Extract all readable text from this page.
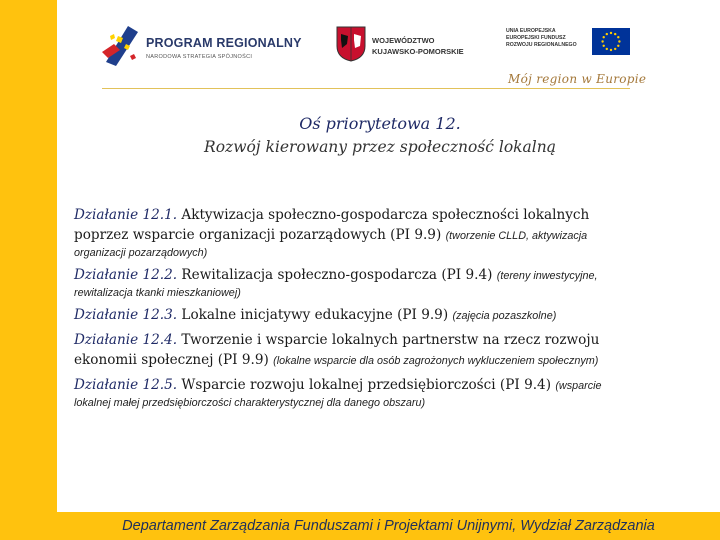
PROGRAM REGIONALNY
NARODOWA STRATEGIA SPÓJNOŚCI
WOJEWÓDZTWO
KUJAWSKO-POMORSKIE
UNIA EUROPEJSKA EUROPEJSKI FUNDUSZ ROZWOJU REGIONALNEGO
Mój region w Europie
Oś priorytetowa 12.
Rozwój kierowany przez społeczność lokalną

Działanie 12.1. Aktywizacja społeczno-gospodarcza społeczności lokalnych

poprzez wsparcie organizacji pozarządowych (PI 9.9) (tworzenie CLLD, aktywizacja

organizacji pozarządowych)

Działanie 12.2. Rewitalizacja społeczno-gospodarcza (PI 9.4) (tereny inwestycyjne,

rewitalizacja tkanki mieszkaniowej)

Działanie 12.3. Lokalne inicjatywy edukacyjne (PI 9.9) (zajęcia pozaszkolne)

Działanie 12.4. Tworzenie i wsparcie lokalnych partnerstw na rzecz rozwoju

ekonomii społecznej (PI 9.9) (lokalne wsparcie dla osób zagrożonych wykluczeniem społecznym)

Działanie 12.5. Wsparcie rozwoju lokalnej przedsiębiorczości (PI 9.4) (wsparcie

lokalnej małej przedsiębiorczości charakterystycznej dla danego obszaru)

Departament Zarządzania Funduszami i Projektami Unijnymi, Wydział Zarządzania
